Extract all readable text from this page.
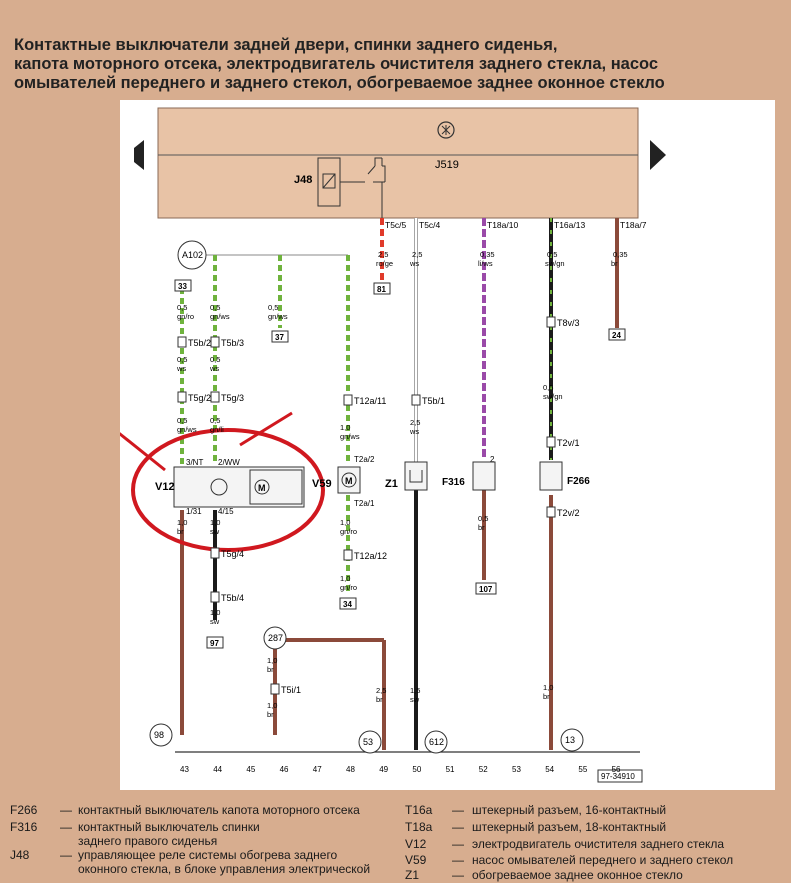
Контактные выключатели задней двери, спинки заднего сиденья,
капота моторного отсека, электродвигатель очистителя заднего стекла, насос
омывателей переднего и заднего стекол, обогреваемое заднее оконное стекло
J519
J48
M
M
97-34910
T5c/5
2,5
ro/ge
T5c/4
2,5
ws
T18a/10
0,35
li/ws
T16a/13
0,5
sw/gn
T18a/7
0,35
br
81
24
33
37
34
97
107
A102
287
98
53	612	13
V12	V59	Z1	F316	F266
3/NT 2/WW
1/31 4/15
T2a/2
T2a/1
2
T5b/2 T5b/3
T5g/2 T5g/3	T12a/11	T5b/1
T8v/3
T2v/1
T2v/2
T5g/4
T5b/4
T12a/12
T5i/1
0,5
gn/ro
0,5
gn/ws
0,5
gn/ws
0,5
ws
0,5
ws
0,5
gn/ws
0,5
gn/li	1,0
gn/ws
2,5
ws
0,5
sw/gn
1,0
br
1,0
sw
1,0
gn/ro
0,5
br
1,0
sw
1,0
gn/ro
1,0
br
1,0
br
2,5
br
1,5
sw
1,0
br
43	44	45	46	47	48	49	50	51	52	53	54	55	56
F266 — контактный выключатель капота моторного отсека
F316 — контактный выключатель спинки
заднего правого сиденья
J48	— управляющее реле системы обогрева заднего
оконного стекла, в блоке управления электрической
T16a — штекерный разъем, 16-контактный
T18a — штекерный разъем, 18-контактный
V12 — электродвигатель очистителя заднего стекла
V59 — насос омывателей переднего и заднего стекол
Z1	— обогреваемое заднее оконное стекло
